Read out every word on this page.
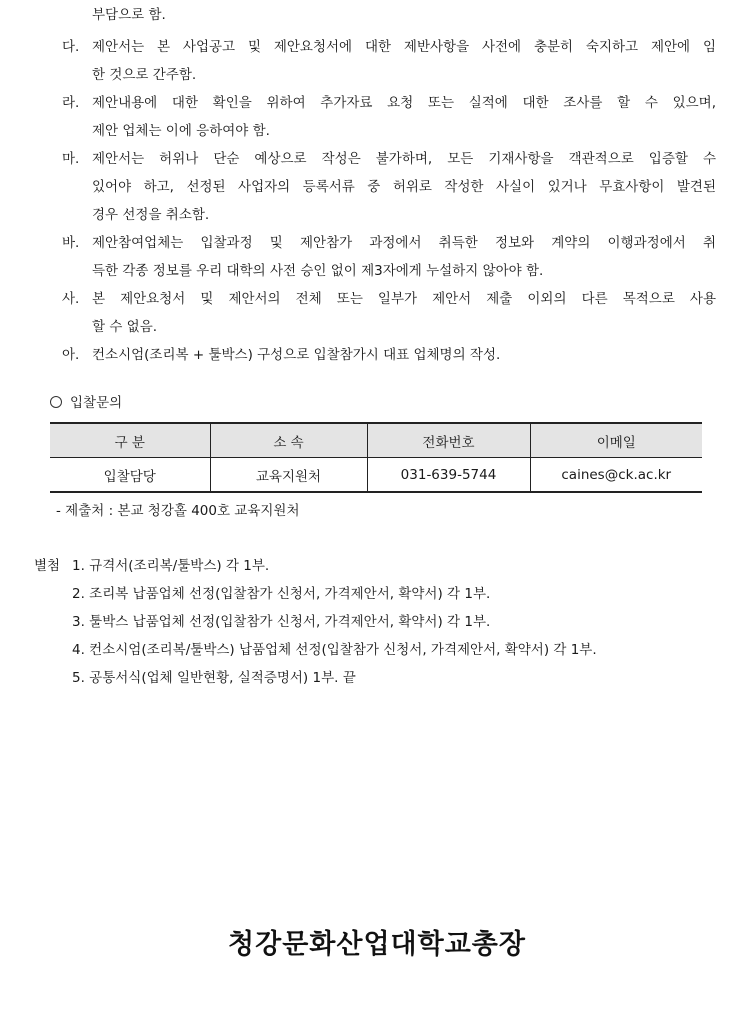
부담으로 함.
다. 제안서는 본 사업공고 및 제안요청서에 대한 제반사항을 사전에 충분히 숙지하고 제안에 임
한 것으로 간주함.
라. 제안내용에 대한 확인을 위하여 추가자료 요청 또는 실적에 대한 조사를 할 수 있으며,
제안 업체는 이에 응하여야 함.
마. 제안서는 허위나 단순 예상으로 작성은 불가하며, 모든 기재사항을 객관적으로 입증할 수
있어야 하고, 선정된 사업자의 등록서류 중 허위로 작성한 사실이 있거나 무효사항이 발견된
경우 선정을 취소함.
바. 제안참여업체는 입찰과정 및 제안참가 과정에서 취득한 정보와 계약의 이행과정에서 취
득한 각종 정보를 우리 대학의 사전 승인 없이 제3자에게 누설하지 않아야 함.
사. 본 제안요청서 및 제안서의 전체 또는 일부가 제안서 제출 이외의 다른 목적으로 사용
할 수 없음.
아. 컨소시엄(조리복 + 툴박스) 구성으로 입찰참가시 대표 업체명의 작성.
입찰문의
구 분	소 속	전화번호	이메일
입찰담당	교육지원처	031-639-5744	caines@ck.ac.kr
- 제출처 : 본교 청강홀 400호 교육지원처
별첨 1. 규격서(조리복/툴박스) 각 1부.
2. 조리복 납품업체 선정(입찰참가 신청서, 가격제안서, 확약서) 각 1부.
3. 툴박스 납품업체 선정(입찰참가 신청서, 가격제안서, 확약서) 각 1부.
4. 컨소시엄(조리복/툴박스) 납품업체 선정(입찰참가 신청서, 가격제안서, 확약서) 각 1부.
5. 공통서식(업체 일반현황, 실적증명서) 1부. 끝
청강문화산업대학교총장
